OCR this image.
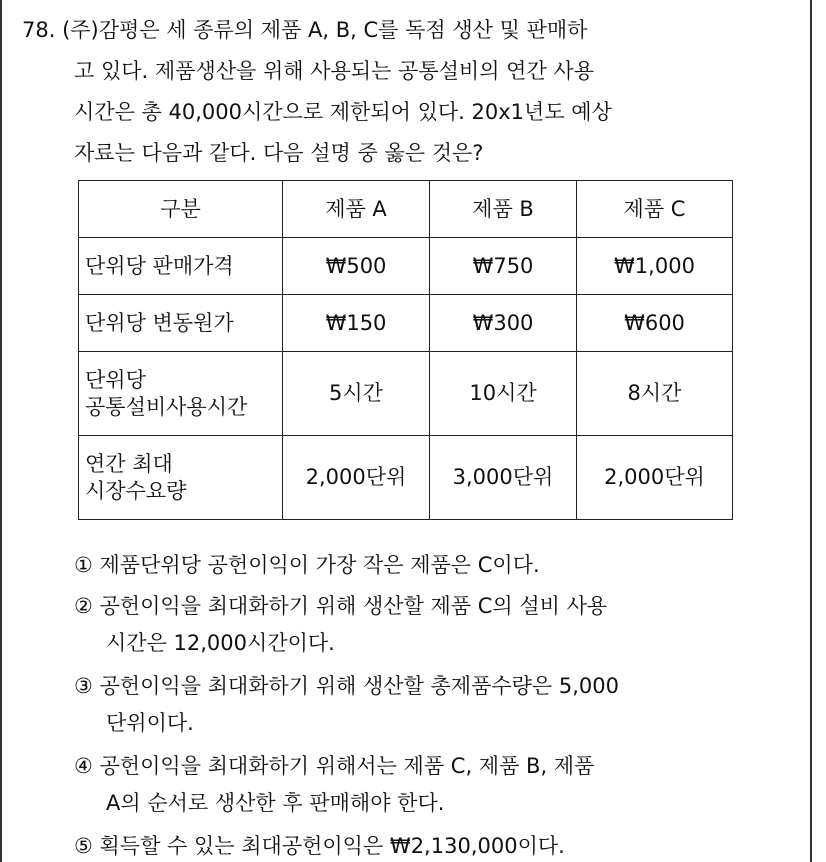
78. (주)감평은 세 종류의 제품 A, B, C를 독점 생산 및 판매하
고 있다. 제품생산을 위해 사용되는 공통설비의 연간 사용
시간은 총 40,000시간으로 제한되어 있다. 20x1년도 예상
자료는 다음과 같다. 다음 설명 중 옳은 것은?
구분	제품 A	제품 B	제품 C
단위당 판매가격	₩500	₩750	₩1,000
단위당 변동원가	₩150	₩300	₩600
단위당
공통설비사용시간	5시간	10시간	8시간
연간 최대
시장수요량	2,000단위	3,000단위	2,000단위
① 제품단위당 공헌이익이 가장 작은 제품은 C이다.
② 공헌이익을 최대화하기 위해 생산할 제품 C의 설비 사용
시간은 12,000시간이다.
③ 공헌이익을 최대화하기 위해 생산할 총제품수량은 5,000
단위이다.
④ 공헌이익을 최대화하기 위해서는 제품 C, 제품 B, 제품
A의 순서로 생산한 후 판매해야 한다.
⑤ 획득할 수 있는 최대공헌이익은 ₩2,130,000이다.
